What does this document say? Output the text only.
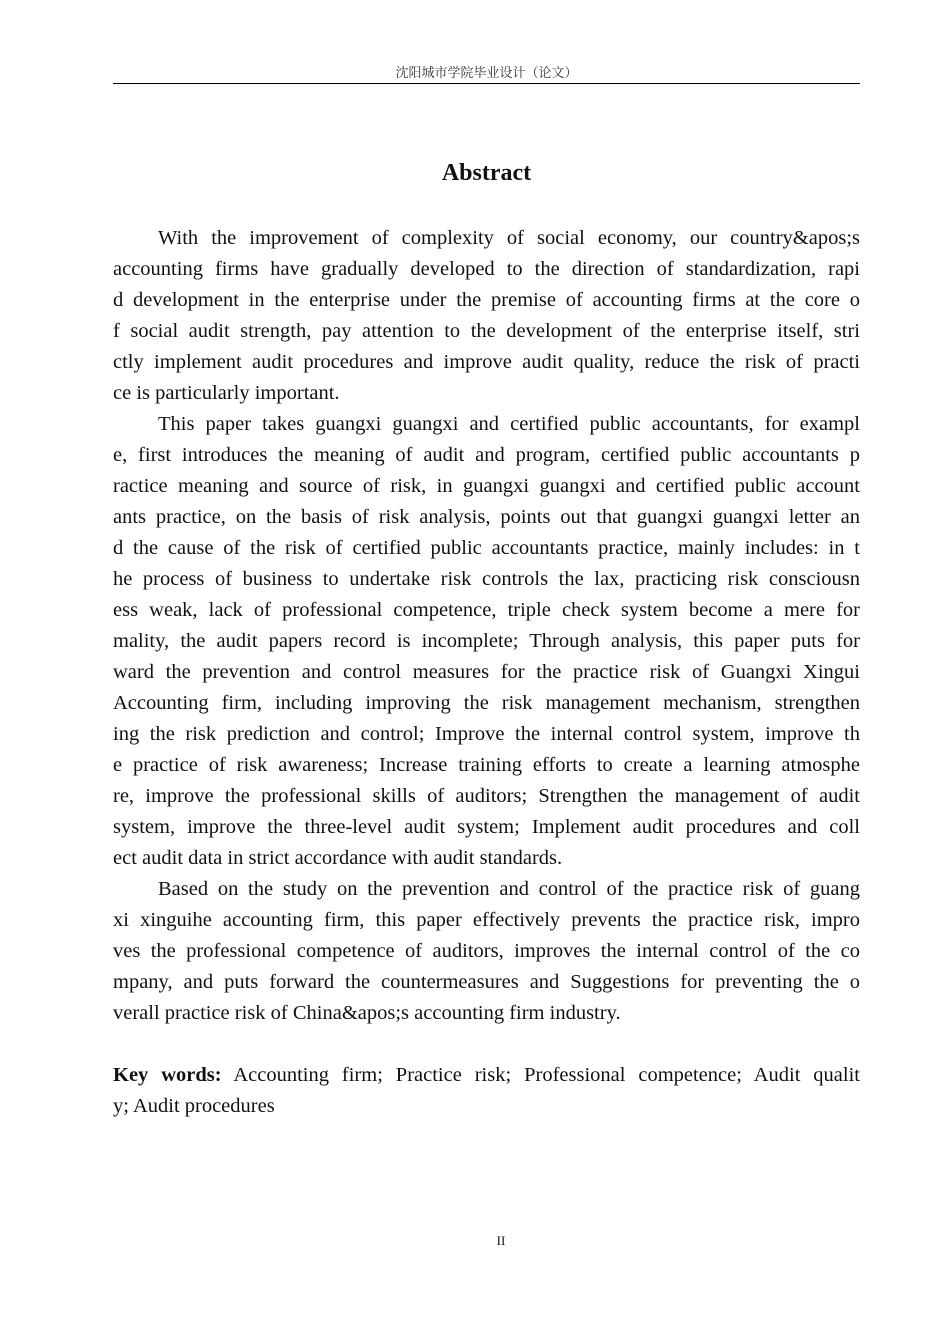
沈阳城市学院毕业设计（论文）
Abstract
With the improvement of complexity of social economy, our country&apos;s
accounting firms have gradually developed to the direction of standardization, rapi
d development in the enterprise under the premise of accounting firms at the core o
f social audit strength, pay attention to the development of the enterprise itself, stri
ctly implement audit procedures and improve audit quality, reduce the risk of practi
ce is particularly important.
This paper takes guangxi guangxi and certified public accountants, for exampl
e, first introduces the meaning of audit and program, certified public accountants p
ractice meaning and source of risk, in guangxi guangxi and certified public account
ants practice, on the basis of risk analysis, points out that guangxi guangxi letter an
d the cause of the risk of certified public accountants practice, mainly includes: in t
he process of business to undertake risk controls the lax, practicing risk consciousn
ess weak, lack of professional competence, triple check system become a mere for
mality, the audit papers record is incomplete; Through analysis, this paper puts for
ward the prevention and control measures for the practice risk of Guangxi Xingui
Accounting firm, including improving the risk management mechanism, strengthen
ing the risk prediction and control; Improve the internal control system, improve th
e practice of risk awareness; Increase training efforts to create a learning atmosphe
re, improve the professional skills of auditors; Strengthen the management of audit
system, improve the three-level audit system; Implement audit procedures and coll
ect audit data in strict accordance with audit standards.
Based on the study on the prevention and control of the practice risk of guang
xi xinguihe accounting firm, this paper effectively prevents the practice risk, impro
ves the professional competence of auditors, improves the internal control of the co
mpany, and puts forward the countermeasures and Suggestions for preventing the o
verall practice risk of China&apos;s accounting firm industry.
Key words: Accounting firm; Practice risk; Professional competence; Audit qualit
y; Audit procedures
II
